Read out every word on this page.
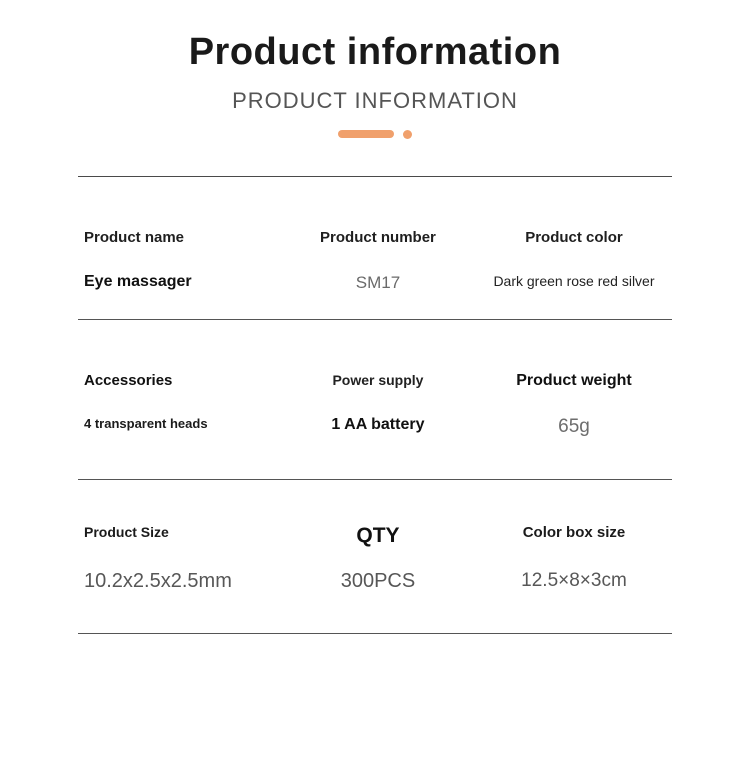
Product information
PRODUCT INFORMATION
Product name	Product number	Product color
Eye massager	SM17	Dark green rose red silver
Accessories	Power supply	Product weight
4 transparent heads	1 AA battery	65g
Product Size	QTY	Color box size
10.2x2.5x2.5mm	300PCS	12.5×8×3cm
